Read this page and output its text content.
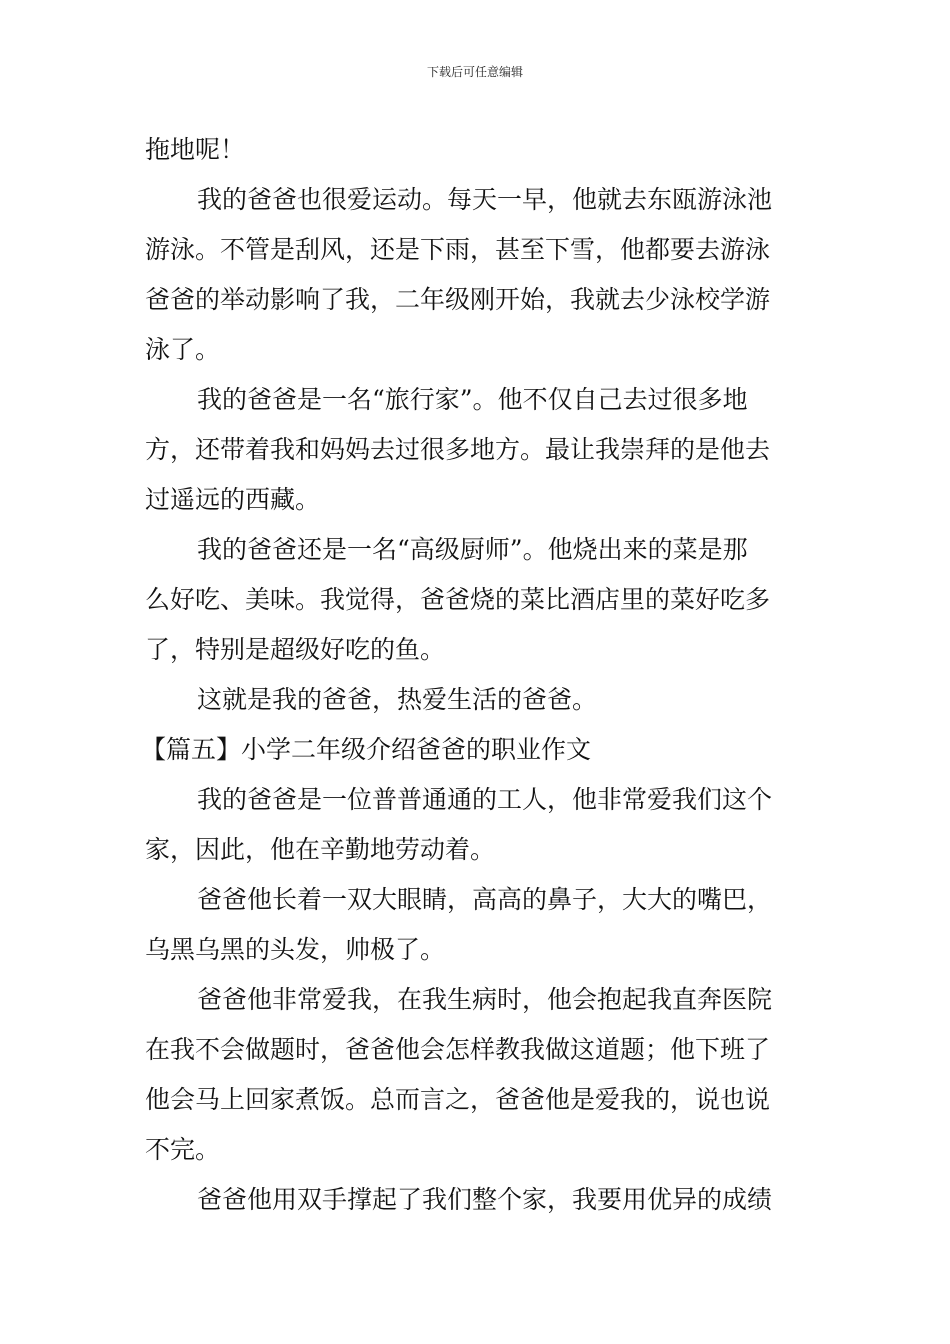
下载后可任意编辑
拖地呢！
我的爸爸也很爱运动。每天一早，他就去东瓯游泳池
游泳。不管是刮风，还是下雨，甚至下雪，他都要去游泳
爸爸的举动影响了我，二年级刚开始，我就去少泳校学游
泳了。
我的爸爸是一名“旅行家”。他不仅自己去过很多地
方，还带着我和妈妈去过很多地方。最让我崇拜的是他去
过遥远的西藏。
我的爸爸还是一名“高级厨师”。他烧出来的菜是那
么好吃、美味。我觉得，爸爸烧的菜比酒店里的菜好吃多
了，特别是超级好吃的鱼。
这就是我的爸爸，热爱生活的爸爸。
【篇五】小学二年级介绍爸爸的职业作文
我的爸爸是一位普普通通的工人，他非常爱我们这个
家，因此，他在辛勤地劳动着。
爸爸他长着一双大眼睛，高高的鼻子，大大的嘴巴，
乌黑乌黑的头发，帅极了。
爸爸他非常爱我，在我生病时，他会抱起我直奔医院
在我不会做题时，爸爸他会怎样教我做这道题；他下班了
他会马上回家煮饭。总而言之，爸爸他是爱我的，说也说
不完。
爸爸他用双手撑起了我们整个家，我要用优异的成绩
